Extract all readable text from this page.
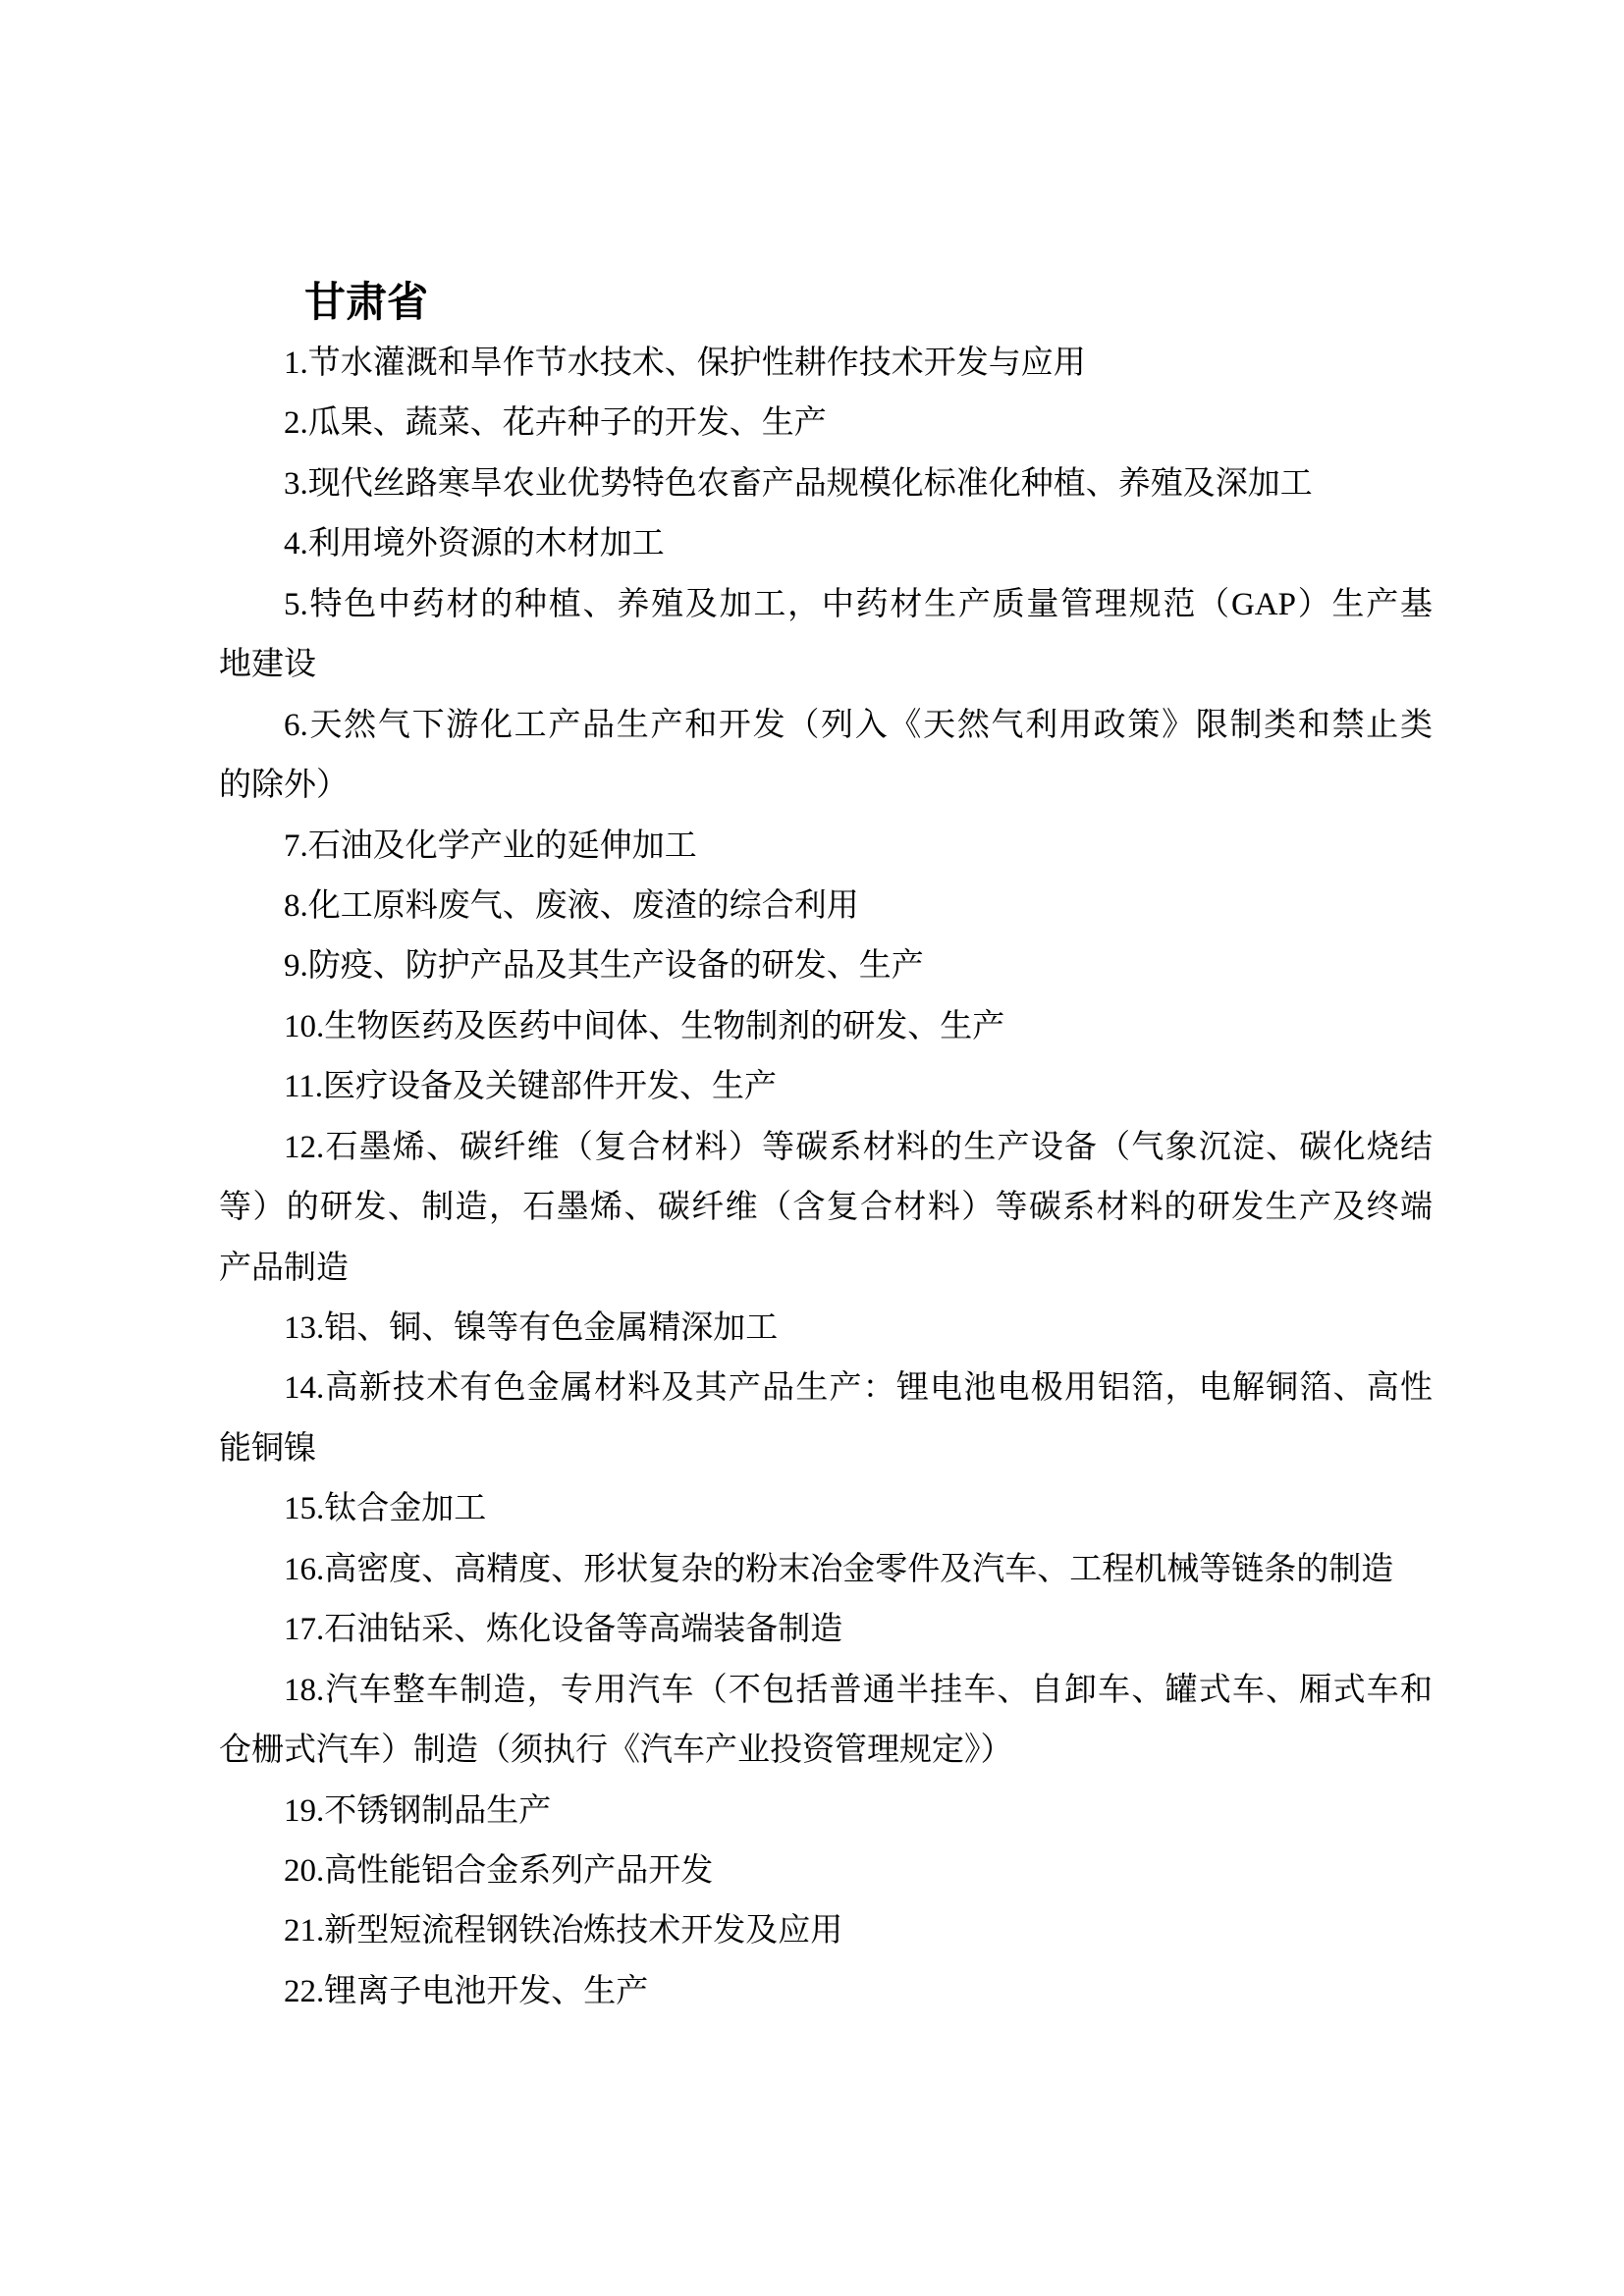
甘肃省
1.节水灌溉和旱作节水技术、保护性耕作技术开发与应用
2.瓜果、蔬菜、花卉种子的开发、生产
3.现代丝路寒旱农业优势特色农畜产品规模化标准化种植、养殖及深加工
4.利用境外资源的木材加工
5.特色中药材的种植、养殖及加工，中药材生产质量管理规范（GAP）生产基
地建设
6.天然气下游化工产品生产和开发（列入《天然气利用政策》限制类和禁止类
的除外）
7.石油及化学产业的延伸加工
8.化工原料废气、废液、废渣的综合利用
9.防疫、防护产品及其生产设备的研发、生产
10.生物医药及医药中间体、生物制剂的研发、生产
11.医疗设备及关键部件开发、生产
12.石墨烯、碳纤维（复合材料）等碳系材料的生产设备（气象沉淀、碳化烧结
等）的研发、制造，石墨烯、碳纤维（含复合材料）等碳系材料的研发生产及终端
产品制造
13.铝、铜、镍等有色金属精深加工
14.高新技术有色金属材料及其产品生产：锂电池电极用铝箔，电解铜箔、高性
能铜镍
15.钛合金加工
16.高密度、高精度、形状复杂的粉末冶金零件及汽车、工程机械等链条的制造
17.石油钻采、炼化设备等高端装备制造
18.汽车整车制造，专用汽车（不包括普通半挂车、自卸车、罐式车、厢式车和
仓栅式汽车）制造（须执行《汽车产业投资管理规定》）
19.不锈钢制品生产
20.高性能铝合金系列产品开发
21.新型短流程钢铁冶炼技术开发及应用
22.锂离子电池开发、生产
